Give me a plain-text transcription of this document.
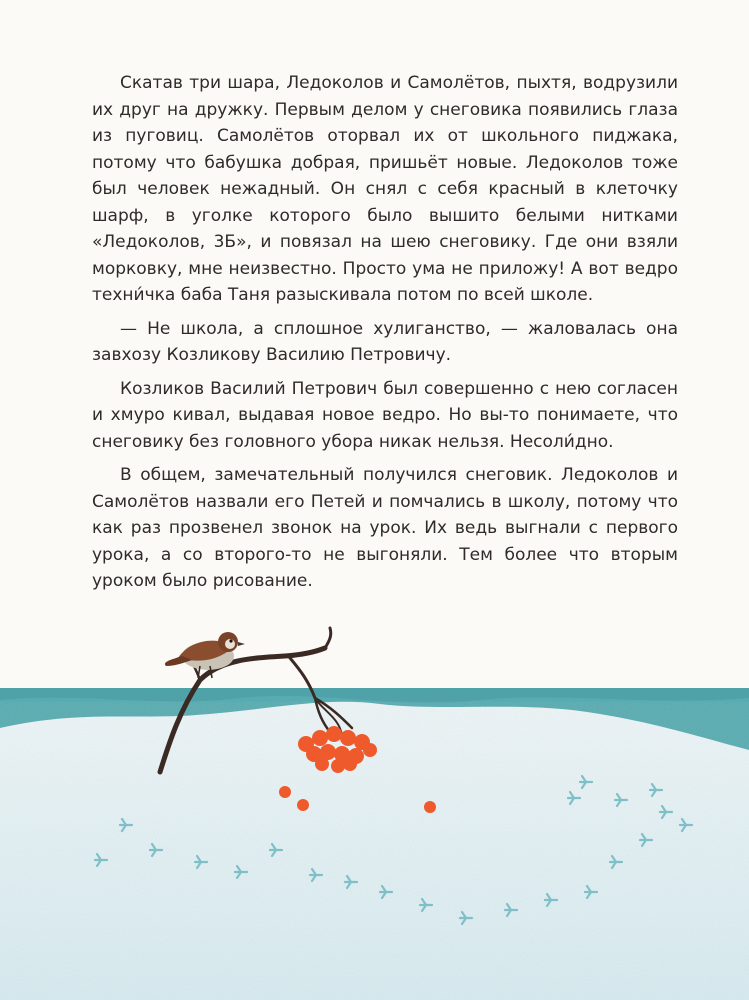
Скатав три шара, Ледоколов и Самолётов, пыхтя, водрузили их друг на дружку. Первым делом у снеговика появились глаза из пуговиц. Самолётов оторвал их от школьного пиджака, потому что бабушка добрая, пришьёт новые. Ледоколов тоже был человек нежадный. Он снял с себя красный в клеточку шарф, в уголке которого было вышито белыми нитками «Ледоколов, 3Б», и повязал на шею снеговику. Где они взяли морковку, мне неизвестно. Просто ума не приложу! А вот ведро техни́чка баба Таня разыскивала потом по всей школе.

— Не школа, а сплошное хулиганство, — жаловалась она завхозу Козликову Василию Петровичу.

Козликов Василий Петрович был совершенно с нею согласен и хмуро кивал, выдавая новое ведро. Но вы-то понимаете, что снеговику без головного убора никак нельзя. Несоли́дно.

В общем, замечательный получился снеговик. Ледоколов и Самолётов назвали его Петей и помчались в школу, потому что как раз прозвенел звонок на урок. Их ведь выгнали с первого урока, а со второго-то не выгоняли. Тем более что вторым уроком было рисование.
